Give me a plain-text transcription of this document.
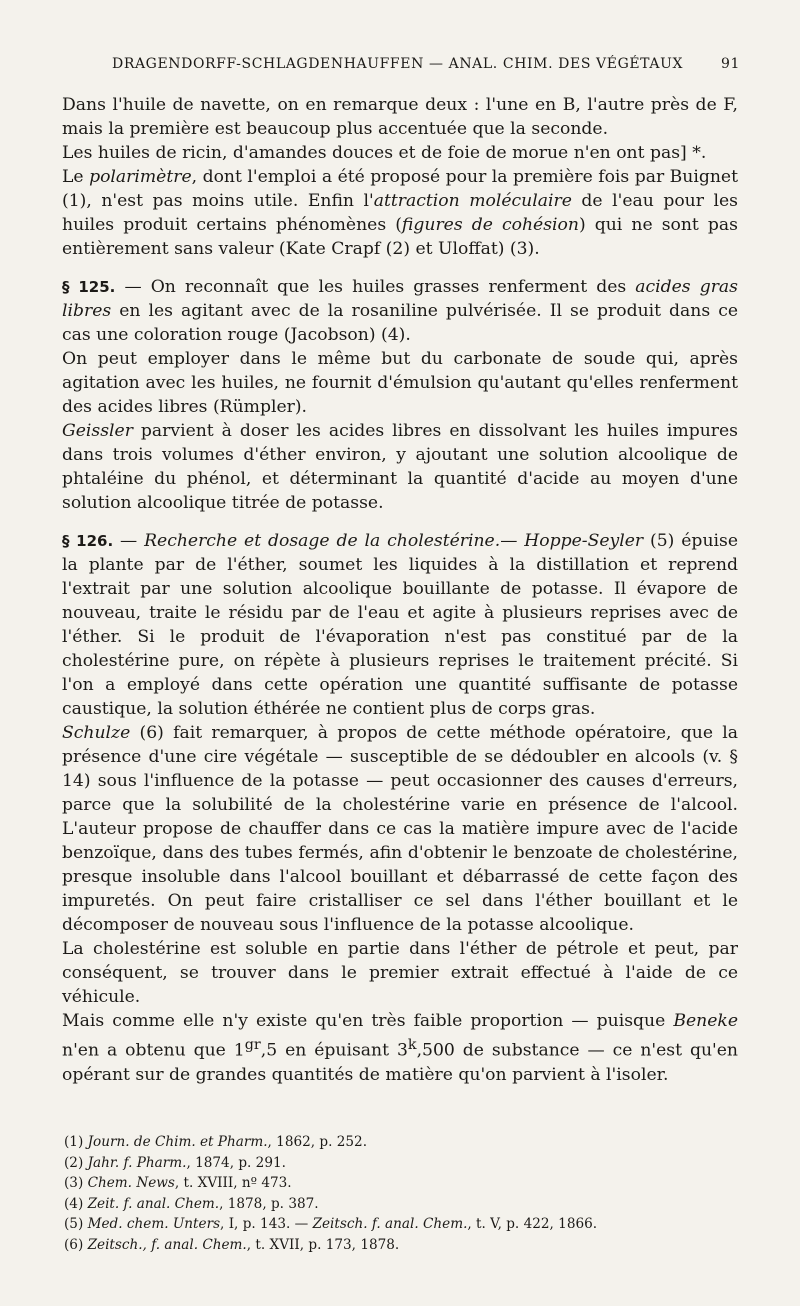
DRAGENDORFF-SCHLAGDENHAUFFEN — ANAL. CHIM. DES VÉGÉTAUX	91

Dans l'huile de navette, on en remarque deux : l'une en B, l'autre près de F, mais la première est beaucoup plus accentuée que la seconde.

Les huiles de ricin, d'amandes douces et de foie de morue n'en ont pas] *.

Le polarimètre, dont l'emploi a été proposé pour la première fois par Buignet (1), n'est pas moins utile. Enfin l'attraction moléculaire de l'eau pour les huiles produit certains phénomènes (figures de cohésion) qui ne sont pas entièrement sans valeur (Kate Crapf (2) et Uloffat) (3).

§ 125. — On reconnaît que les huiles grasses renferment des acides gras libres en les agitant avec de la rosaniline pulvérisée. Il se produit dans ce cas une coloration rouge (Jacobson) (4).

On peut employer dans le même but du carbonate de soude qui, après agitation avec les huiles, ne fournit d'émulsion qu'autant qu'elles renferment des acides libres (Rümpler).

Geissler parvient à doser les acides libres en dissolvant les huiles impures dans trois volumes d'éther environ, y ajoutant une solution alcoolique de phtaléine du phénol, et déterminant la quantité d'acide au moyen d'une solution alcoolique titrée de potasse.

§ 126. — Recherche et dosage de la cholestérine.— Hoppe-Seyler (5) épuise la plante par de l'éther, soumet les liquides à la distillation et reprend l'extrait par une solution alcoolique bouillante de potasse. Il évapore de nouveau, traite le résidu par de l'eau et agite à plusieurs reprises avec de l'éther. Si le produit de l'évaporation n'est pas constitué par de la cholestérine pure, on répète à plusieurs reprises le traitement précité. Si l'on a employé dans cette opération une quantité suffisante de potasse caustique, la solution éthérée ne contient plus de corps gras.

Schulze (6) fait remarquer, à propos de cette méthode opératoire, que la présence d'une cire végétale — susceptible de se dédoubler en alcools (v. § 14) sous l'influence de la potasse — peut occasionner des causes d'erreurs, parce que la solubilité de la cholestérine varie en présence de l'alcool. L'auteur propose de chauffer dans ce cas la matière impure avec de l'acide benzoïque, dans des tubes fermés, afin d'obtenir le benzoate de cholestérine, presque insoluble dans l'alcool bouillant et débarrassé de cette façon des impuretés. On peut faire cristalliser ce sel dans l'éther bouillant et le décomposer de nouveau sous l'influence de la potasse alcoolique.

La cholestérine est soluble en partie dans l'éther de pétrole et peut, par conséquent, se trouver dans le premier extrait effectué à l'aide de ce véhicule.

Mais comme elle n'y existe qu'en très faible proportion — puisque Beneke n'en a obtenu que $1^{gr},5$ en épuisant 3$^k$,500 de substance — ce n'est qu'en opérant sur de grandes quantités de matière qu'on parvient à l'isoler.

(1) Journ. de Chim. et Pharm., 1862, p. 252.
(2) Jahr. f. Pharm., 1874, p. 291.
(3) Chem. News, t. XVIII, nº 473.
(4) Zeit. f. anal. Chem., 1878, p. 387.
(5) Med. chem. Unters, I, p. 143. — Zeitsch. f. anal. Chem., t. V, p. 422, 1866.
(6) Zeitsch., f. anal. Chem., t. XVII, p. 173, 1878.
